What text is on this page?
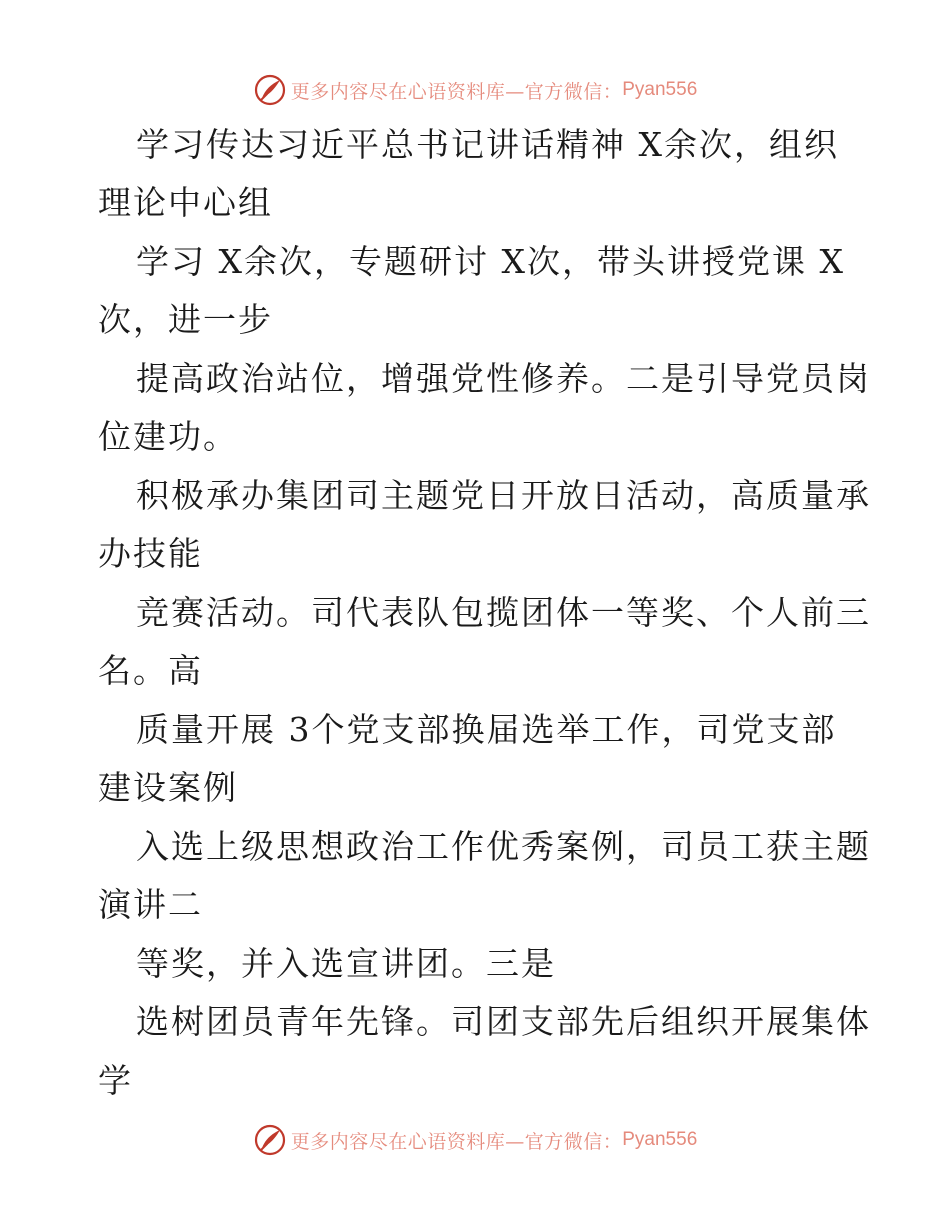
更多内容尽在心语资料库—官方微信： Pyan556
学习传达习近平总书记讲话精神 X余次，组织
理论中心组
学习 X余次，专题研讨 X次，带头讲授党课 X
次，进一步
提高政治站位，增强党性修养。二是引导党员岗
位建功。
积极承办集团司主题党日开放日活动，高质量承
办技能
竞赛活动。司代表队包揽团体一等奖、个人前三
名。高
质量开展 3个党支部换届选举工作，司党支部
建设案例
入选上级思想政治工作优秀案例，司员工获主题
演讲二
等奖，并入选宣讲团。三是
选树团员青年先锋。司团支部先后组织开展集体
学
更多内容尽在心语资料库—官方微信： Pyan556
